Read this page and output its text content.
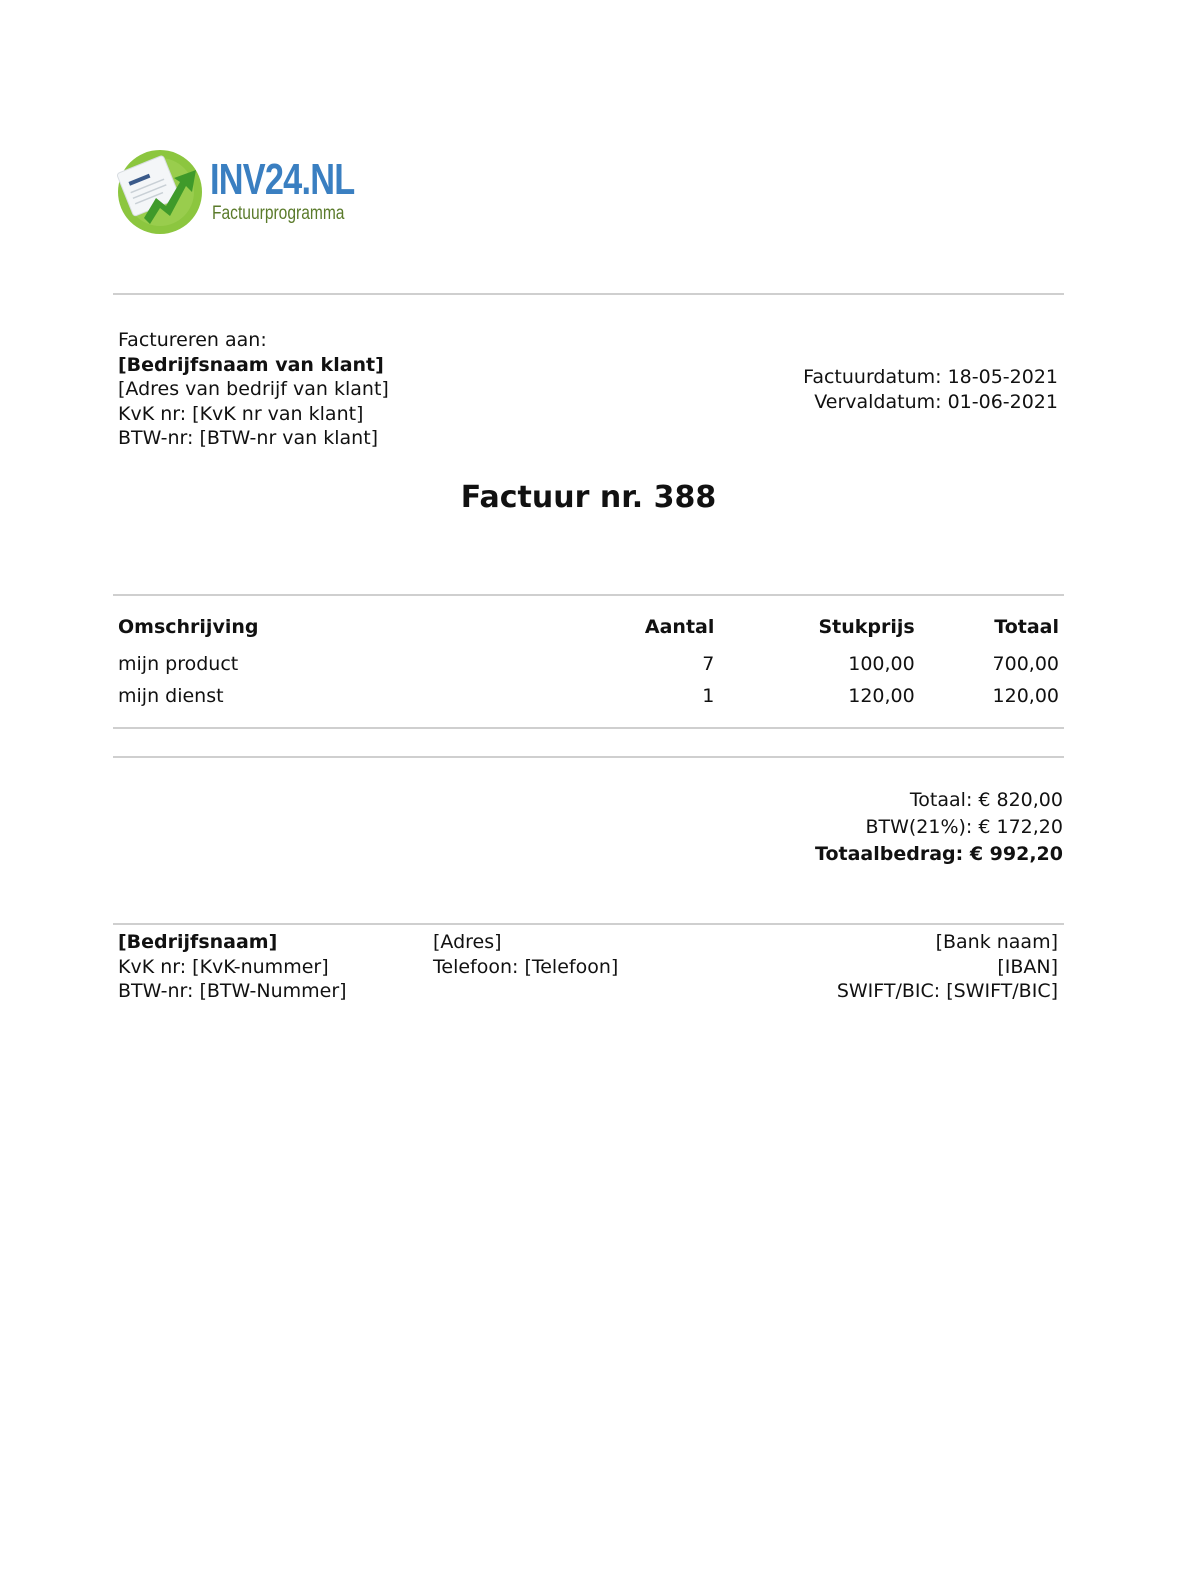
INV24.NL
Factuurprogramma
Factureren aan:
[Bedrijfsnaam van klant]
[Adres van bedrijf van klant]
KvK nr: [KvK nr van klant]
BTW-nr: [BTW-nr van klant]
Factuurdatum: 18-05-2021
Vervaldatum: 01-06-2021
Factuur nr. 388
Omschrijving	Aantal	Stukprijs	Totaal
mijn product	7	100,00	700,00
mijn dienst	1	120,00	120,00
Totaal: € 820,00
BTW(21%): € 172,20
Totaalbedrag: € 992,20
[Bedrijfsnaam]
KvK nr: [KvK-nummer]
BTW-nr: [BTW-Nummer]
[Adres]
Telefoon: [Telefoon]
[Bank naam]
[IBAN]
SWIFT/BIC: [SWIFT/BIC]
